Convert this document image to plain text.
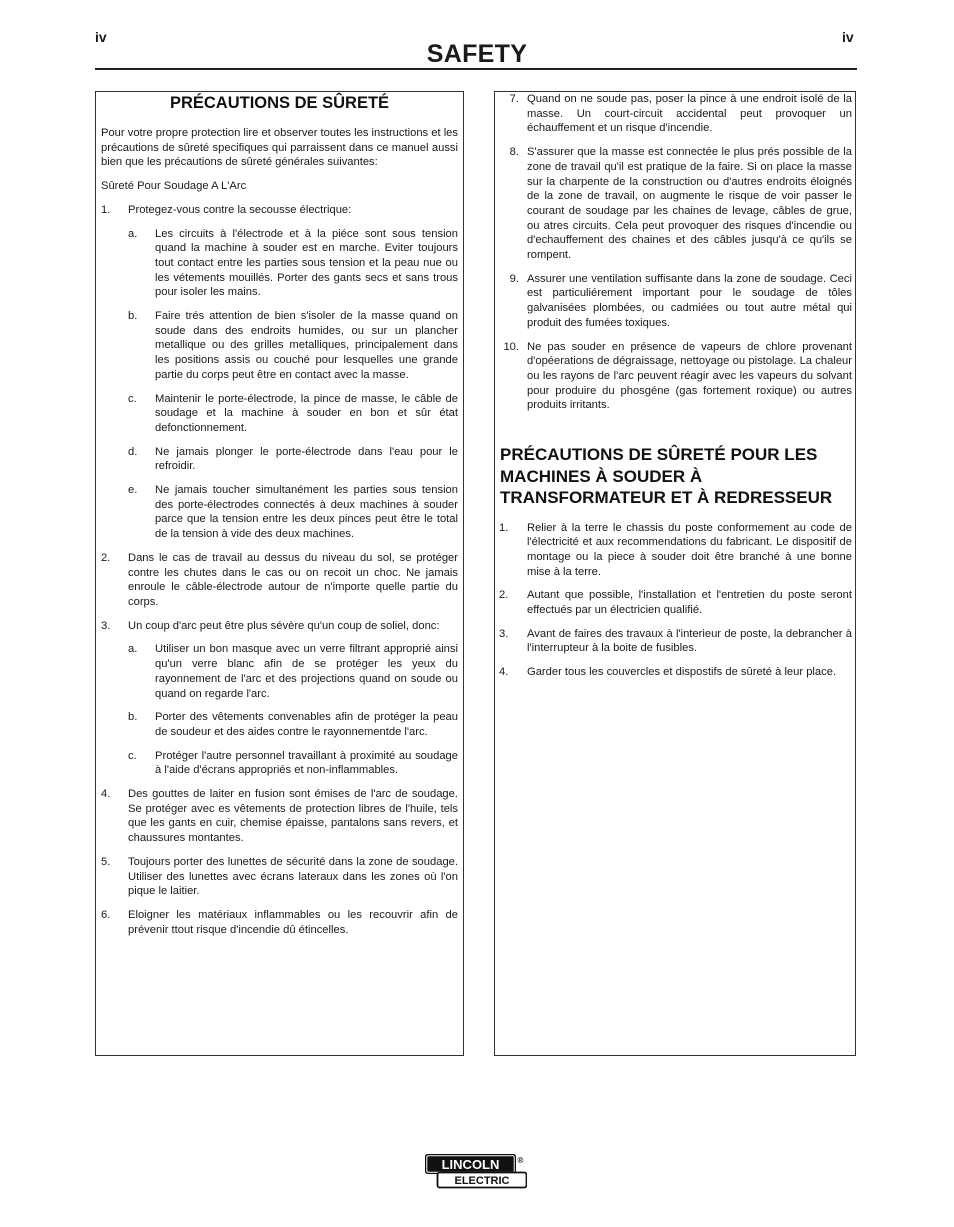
iv	iv
SAFETY
PRÉCAUTIONS DE SÛRETÉ
Pour votre propre protection lire et observer toutes les instructions et les précautions de sûreté specifiques qui parraissent dans ce manuel aussi bien que les précautions de sûreté générales suivantes:
Sûreté Pour Soudage A L'Arc
1. Protegez-vous contre la secousse électrique:
a. Les circuits à l'électrode et à la piéce sont sous tension quand la machine à souder est en marche. Eviter toujours tout contact entre les parties sous tension et la peau nue ou les vétements mouillés. Porter des gants secs et sans trous pour isoler les mains.
b. Faire trés attention de bien s'isoler de la masse quand on soude dans des endroits humides, ou sur un plancher metallique ou des grilles metalliques, principalement dans les positions assis ou couché pour lesquelles une grande partie du corps peut être en contact avec la masse.
c. Maintenir le porte-électrode, la pince de masse, le câble de soudage et la machine à souder en bon et sûr état defonctionnement.
d. Ne jamais plonger le porte-électrode dans l'eau pour le refroidir.
e. Ne jamais toucher simultanément les parties sous tension des porte-électrodes connectés à deux machines à souder parce que la tension entre les deux pinces peut être le total de la tension à vide des deux machines.
2. Dans le cas de travail au dessus du niveau du sol, se protéger contre les chutes dans le cas ou on recoit un choc. Ne jamais enroule le câble-électrode autour de n'importe quelle partie du corps.
3. Un coup d'arc peut être plus sévère qu'un coup de soliel, donc:
a. Utiliser un bon masque avec un verre filtrant approprié ainsi qu'un verre blanc afin de se protéger les yeux du rayonnement de l'arc et des projections quand on soude ou quand on regarde l'arc.
b. Porter des vêtements convenables afin de protéger la peau de soudeur et des aides contre le rayonnementde l'arc.
c. Protéger l'autre personnel travaillant à proximité au soudage à l'aide d'écrans appropriés et non-inflammables.
4. Des gouttes de laiter en fusion sont émises de l'arc de soudage. Se protéger avec es vêtements de protection libres de l'huile, tels que les gants en cuir, chemise épaisse, pantalons sans revers, et chaussures montantes.
5. Toujours porter des lunettes de sécurité dans la zone de soudage. Utiliser des lunettes avec écrans lateraux dans les zones où l'on pique le laitier.
6. Eloigner les matériaux inflammables ou les recouvrir afin de prévenir ttout risque d'incendie dû étincelles.
7. Quand on ne soude pas, poser la pince à une endroit isolé de la masse. Un court-circuit accidental peut provoquer un échauffement et un risque d'incendie.
8. S'assurer que la masse est connectée le plus prés possible de la zone de travail qu'il est pratique de la faire. Si on place la masse sur la charpente de la construction ou d'autres endroits éloignés de la zone de travail, on augmente le risque de voir passer le courant de soudage par les chaines de levage, câbles de grue, ou atres circuits. Cela peut provoquer des risques d'incendie ou d'echauffement des chaines et des câbles jusqu'à ce qu'ils se rompent.
9. Assurer une ventilation suffisante dans la zone de soudage. Ceci est particuliérement important pour le soudage de tôles galvanisées plombées, ou cadmiées ou tout autre métal qui produit des fumées toxiques.
10. Ne pas souder en présence de vapeurs de chlore provenant d'opéerations de dégraissage, nettoyage ou pistolage. La chaleur ou les rayons de l'arc peuvent réagir avec les vapeurs du solvant pour produire du phosgéne (gas fortement roxique) ou autres produits irritants.
PRÉCAUTIONS DE SÛRETÉ POUR LES MACHINES À SOUDER À TRANSFORMATEUR ET À REDRESSEUR
1. Relier à la terre le chassis du poste conformement au code de l'électricité et aux recommendations du fabricant. Le dispositif de montage ou la piece à souder doit être branché à une bonne mise à la terre.
2. Autant que possible, l'installation et l'entretien du poste seront effectués par un électricien qualifié.
3. Avant de faires des travaux à l'interieur de poste, la debrancher à l'interrupteur à la boite de fusibles.
4. Garder tous les couvercles et dispostifs de sûreté à leur place.
LINCOLN ®
ELECTRIC
